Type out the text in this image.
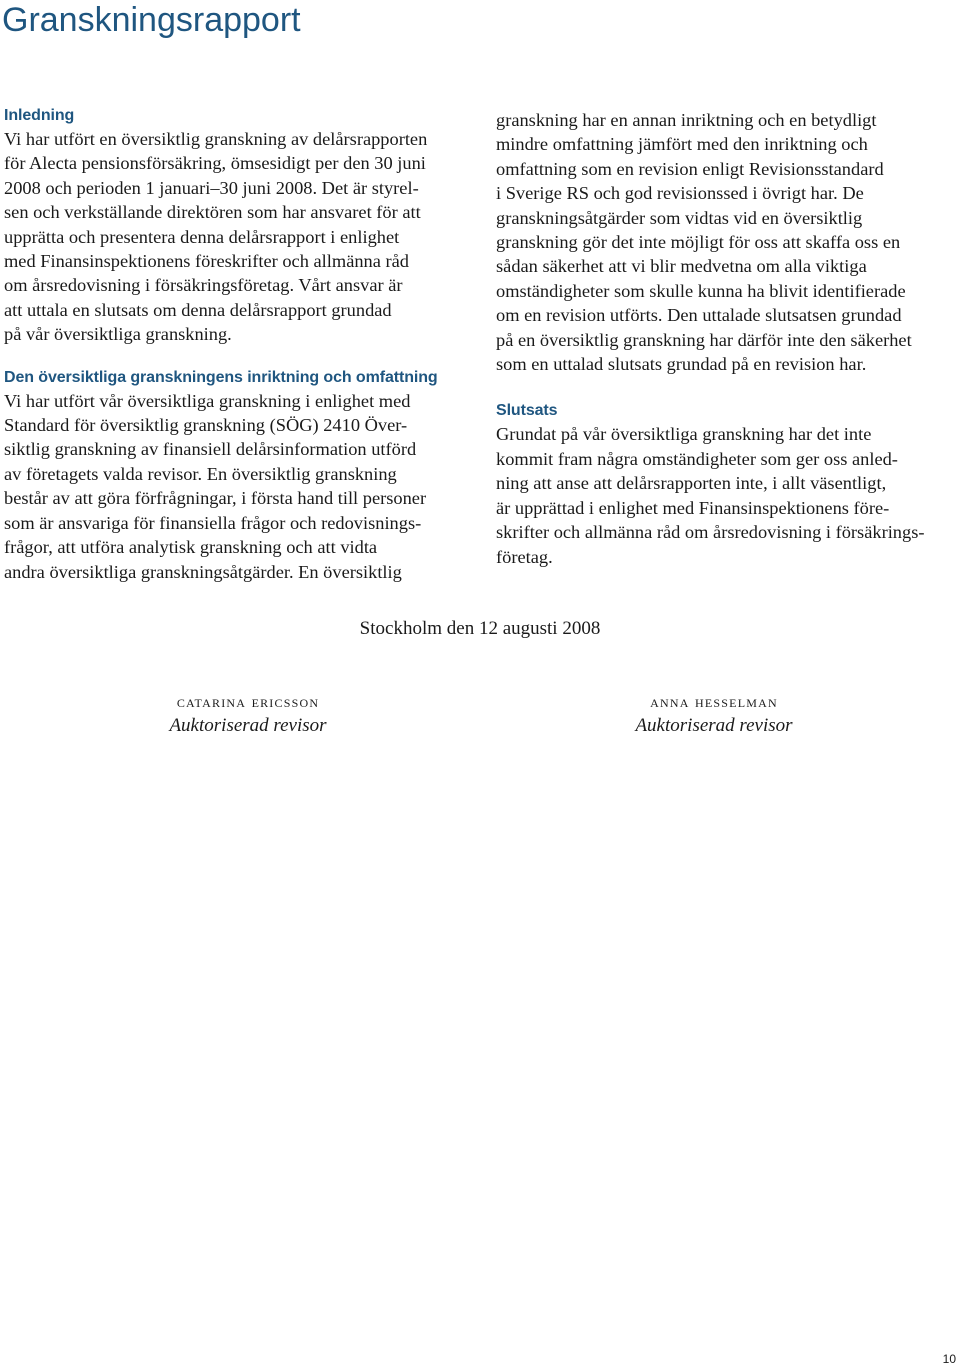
Granskningsrapport
Inledning

Vi har utfört en översiktlig granskning av delårsrapporten
för Alecta pensionsförsäkring, ömsesidigt per den 30 juni
2008 och perioden 1 januari–30 juni 2008. Det är styrel-
sen och verkställande direktören som har ansvaret för att
upprätta och presentera denna delårsrapport i enlighet
med Finansinspektionens föreskrifter och allmänna råd
om årsredovisning i försäkringsföretag. Vårt ansvar är
att uttala en slutsats om denna delårsrapport grundad
på vår översiktliga granskning.

Den översiktliga granskningens inriktning och omfattning

Vi har utfört vår översiktliga granskning i enlighet med
Standard för översiktlig granskning (SÖG) 2410 Över-
siktlig granskning av finansiell delårsinformation utförd
av företagets valda revisor. En översiktlig granskning
består av att göra förfrågningar, i första hand till personer
som är ansvariga för finansiella frågor och redovisnings-
frågor, att utföra analytisk granskning och att vidta
andra översiktliga granskningsåtgärder. En översiktlig

granskning har en annan inriktning och en betydligt
mindre omfattning jämfört med den inriktning och
omfattning som en revision enligt Revisionsstandard
i Sverige RS och god revisionssed i övrigt har. De
granskningsåtgärder som vidtas vid en översiktlig
granskning gör det inte möjligt för oss att skaffa oss en
sådan säkerhet att vi blir medvetna om alla viktiga
omständigheter som skulle kunna ha blivit identifierade
om en revision utförts. Den uttalade slutsatsen grundad
på en översiktlig granskning har därför inte den säkerhet
som en uttalad slutsats grundad på en revision har.

Slutsats

Grundat på vår översiktliga granskning har det inte
kommit fram några omständigheter som ger oss anled-
ning att anse att delårsrapporten inte, i allt väsentligt,
är upprättad i enlighet med Finansinspektionens före-
skrifter och allmänna råd om årsredovisning i försäkrings-
företag.

Stockholm den 12 augusti 2008
catarina ericsson
Auktoriserad revisor
anna hesselman
Auktoriserad revisor
10
